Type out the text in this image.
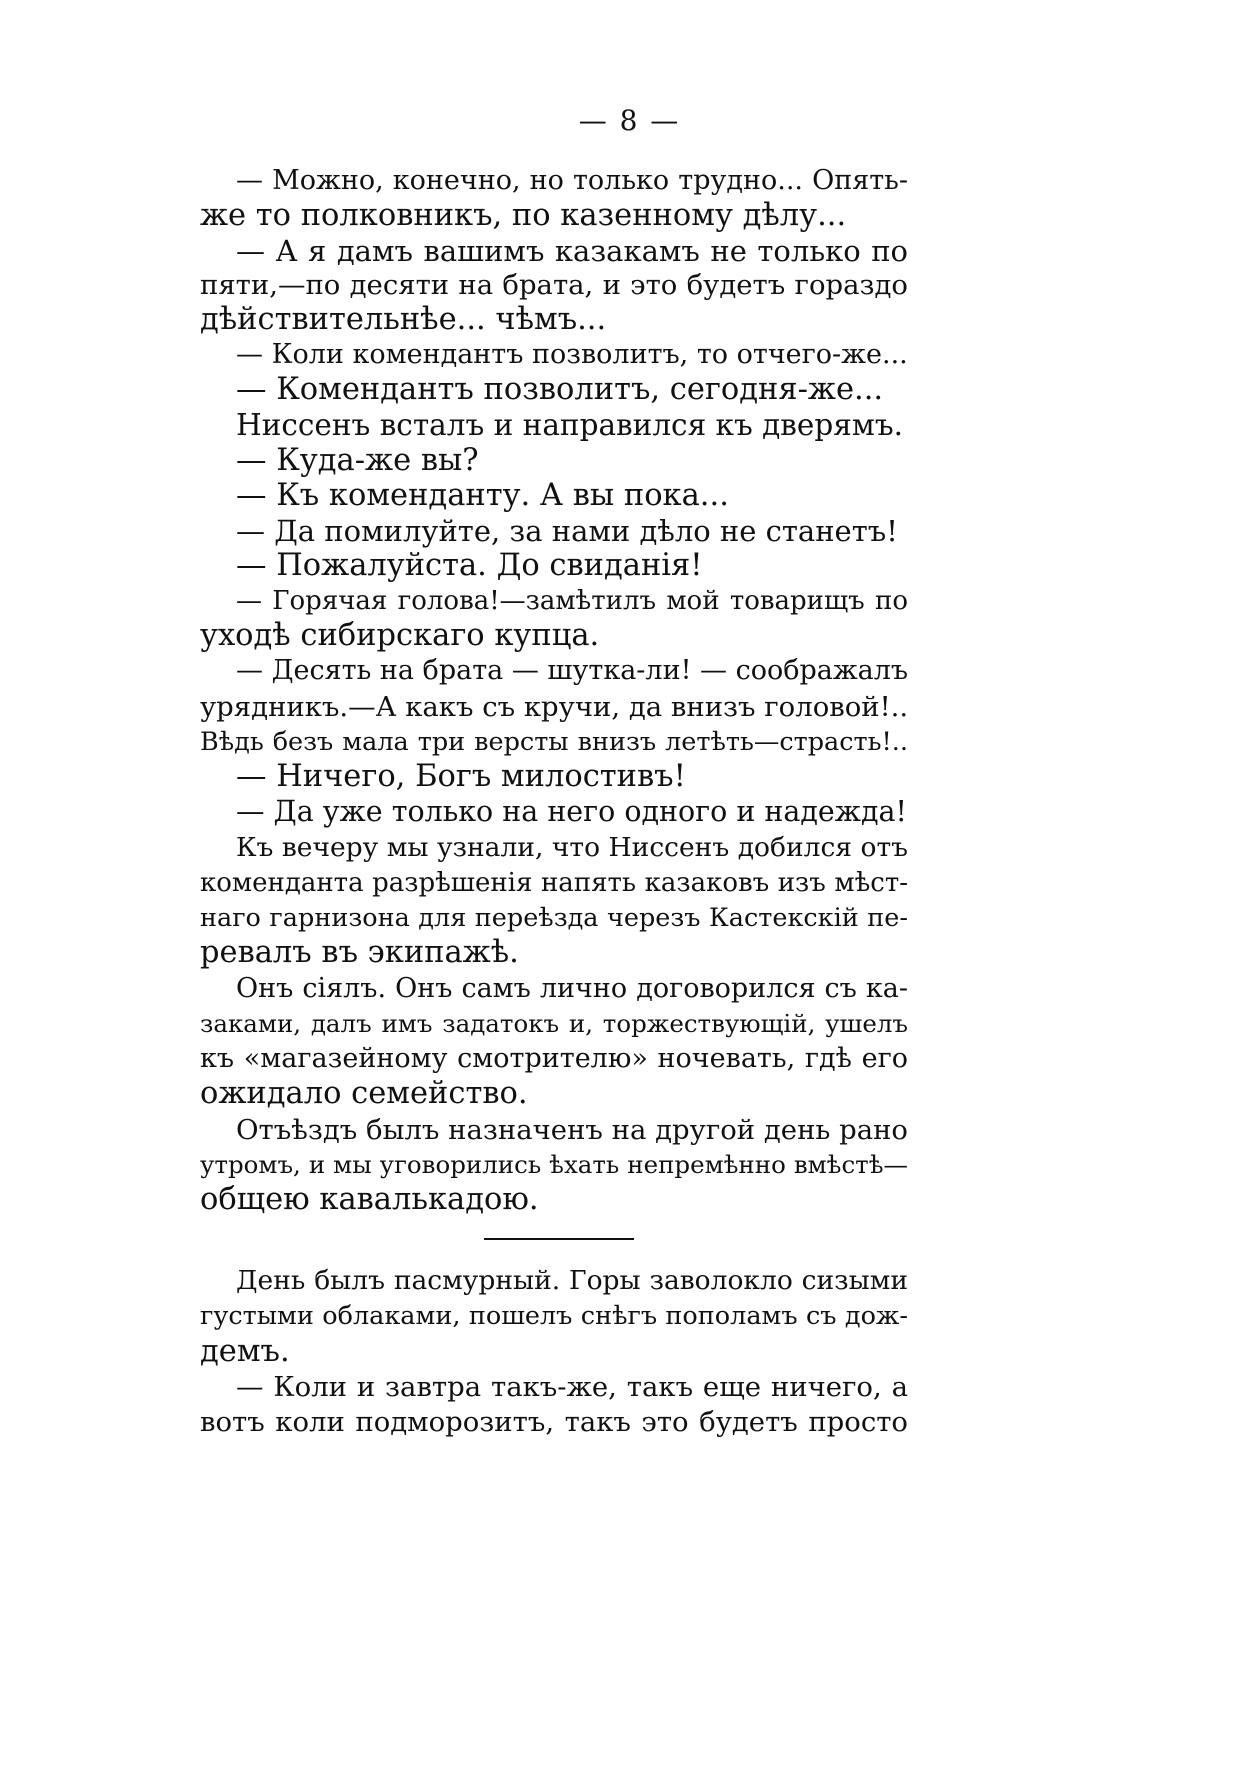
— 8 —
— Можно, конечно, но только трудно... Опять-
же то полковникъ, по казенному дѣлу...
— А я дамъ вашимъ казакамъ не только по
пяти,—по десяти на брата, и это будетъ гораздо
дѣйствительнѣе... чѣмъ...
— Коли комендантъ позволитъ, то отчего-же...
— Комендантъ позволитъ, сегодня-же...
Ниссенъ всталъ и направился къ дверямъ.
— Куда-же вы?
— Къ коменданту. А вы пока...
— Да помилуйте, за нами дѣло не станетъ!
— Пожалуйста. До свиданія!
— Горячая голова!—замѣтилъ мой товарищъ по
уходѣ сибирскаго купца.
— Десять на брата — шутка-ли! — соображалъ
урядникъ.—А какъ съ кручи, да внизъ головой!..
Вѣдь безъ мала три версты внизъ летѣть—страсть!..
— Ничего, Богъ милостивъ!
— Да уже только на него одного и надежда!
Къ вечеру мы узнали, что Ниссенъ добился отъ
коменданта разрѣшенія напять казаковъ изъ мѣст-
наго гарнизона для переѣзда черезъ Кастекскій пе-
ревалъ въ экипажѣ.
Онъ сіялъ. Онъ самъ лично договорился съ ка-
заками, далъ имъ задатокъ и, торжествующій, ушелъ
къ «магазейному смотрителю» ночевать, гдѣ его
ожидало семейство.
Отъѣздъ былъ назначенъ на другой день рано
утромъ, и мы уговорились ѣхать непремѣнно вмѣстѣ—
общею кавалькадою.
День былъ пасмурный. Горы заволокло сизыми
густыми облаками, пошелъ снѣгъ пополамъ съ дож-
демъ.
— Коли и завтра такъ-же, такъ еще ничего, а
вотъ коли подморозитъ, такъ это будетъ просто
